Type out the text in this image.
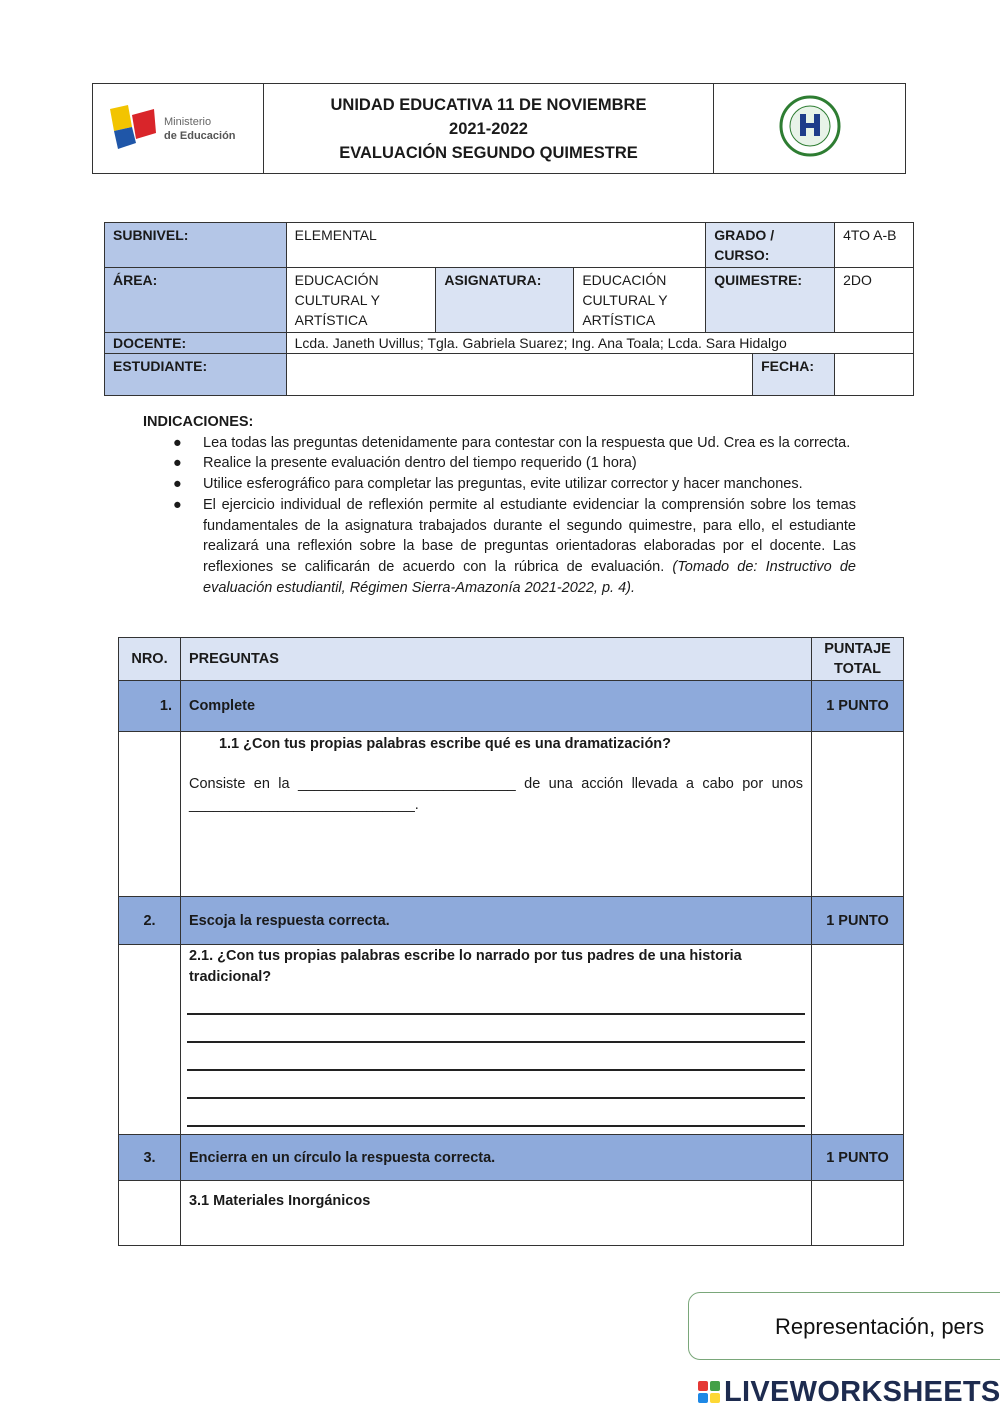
Ministerio
de Educación

UNIDAD EDUCATIVA 11 DE NOVIEMBRE
2021-2022
EVALUACIÓN SEGUNDO QUIMESTRE

SUBNIVEL:	ELEMENTAL			GRADO / CURSO:		4TO A-B
ÁREA:	EDUCACIÓN CULTURAL Y ARTÍSTICA	ASIGNATURA:	EDUCACIÓN CULTURAL Y ARTÍSTICA	QUIMESTRE:		2DO
DOCENTE:	Lcda. Janeth Uvillus; Tgla. Gabriela Suarez; Ing. Ana Toala; Lcda. Sara Hidalgo					
ESTUDIANTE:					FECHA:	
INDICACIONES:
● Lea todas las preguntas detenidamente para contestar con la respuesta que Ud. Crea es la correcta.
● Realice la presente evaluación dentro del tiempo requerido (1 hora)
● Utilice esferográfico para completar las preguntas, evite utilizar corrector y hacer manchones.
● El ejercicio individual de reflexión permite al estudiante evidenciar la comprensión sobre los temas fundamentales de la asignatura trabajados durante el segundo quimestre, para ello, el estudiante realizará una reflexión sobre la base de preguntas orientadoras elaboradas por el docente. Las reflexiones se calificarán de acuerdo con la rúbrica de evaluación. (Tomado de: Instructivo de evaluación estudiantil, Régimen Sierra-Amazonía 2021-2022, p. 4).
NRO.	PREGUNTAS	PUNTAJE TOTAL
1.	Complete	1 PUNTO

	1.1 ¿Con tus propias palabras escribe qué es una dramatización?
Consiste en la ___________________________ de una acción llevada a cabo por unos ____________________________.	

2.	Escoja la respuesta correcta.	1 PUNTO

	2.1. ¿Con tus propias palabras escribe lo narrado por tus padres de una historia tradicional?	

3.	Encierra en un círculo la respuesta correcta.	1 PUNTO

	3.1 Materiales Inorgánicos	

Representación, pers
LIVEWORKSHEETS
